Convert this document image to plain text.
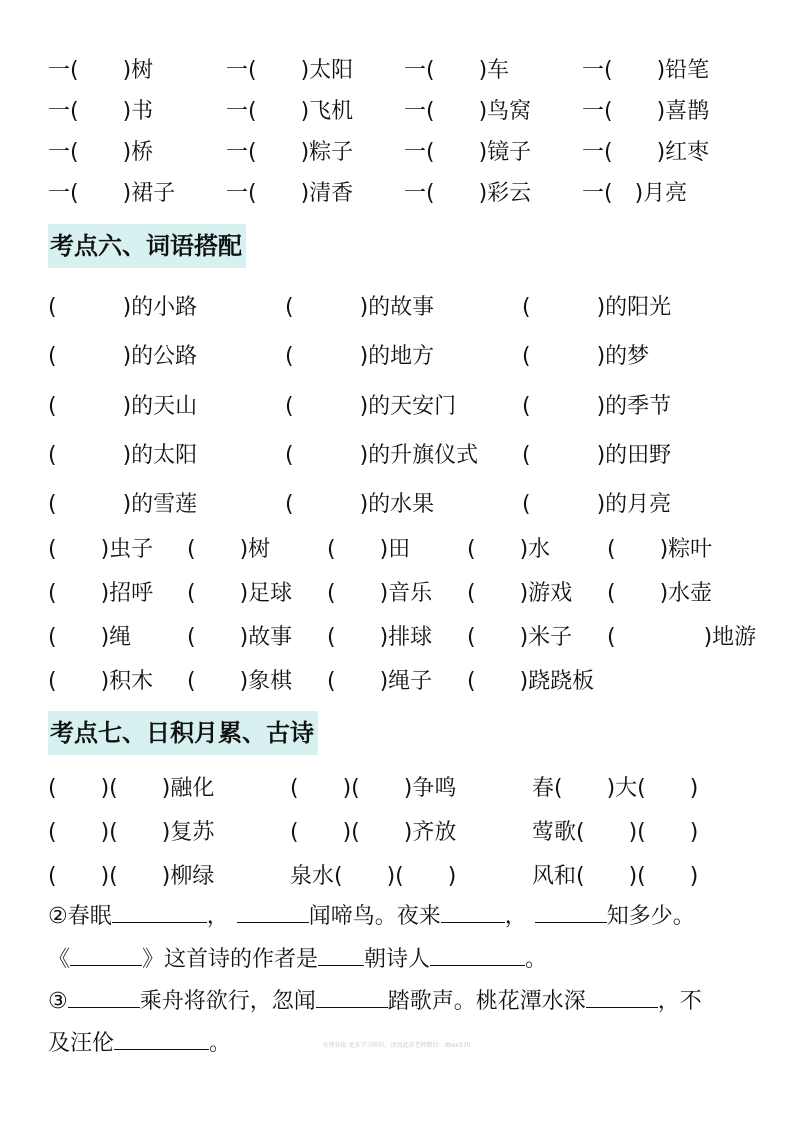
一(　　)树	一(　　)太阳 一(　　)车	一(　　)铅笔
一(　　)书	一(　　)飞机 一(　　)鸟窝 一(　　)喜鹊
一(　　)桥	一(　　)粽子 一(　　)镜子 一(　　)红枣
一(　　)裙子 一(　　)清香 一(　　)彩云 一(　)月亮
考点六、词语搭配
(　　　)的小路	(　　　)的故事	(　　　)的阳光
(　　　)的公路	(　　　)的地方	(　　　)的梦
(　　　)的天山	(　　　)的天安门	(　　　)的季节
(　　　)的太阳	(　　　)的升旗仪式 (　　　)的田野
(　　　)的雪莲	(　　　)的水果	(　　　)的月亮
(　　)虫子 (　　)树	(　　)田	(　　)水	(　　)粽叶
(　　)招呼 (　　)足球 (　　)音乐 (　　)游戏 (　　)水壶
(　　)绳	(　　)故事 (　　)排球 (　　)米子 (　　　　)地游
(　　)积木 (　　)象棋 (　　)绳子 (　　)跷跷板
考点七、日积月累、古诗
(　　)(　　)融化	(　　)(　　)争鸣	春(　　)大(　　)
(　　)(　　)复苏	(　　)(　　)齐放	莺歌(　　)(　　)
(　　)(　　)柳绿	泉水(　　)(　　)	风和(　　)(　　)
②春眠	，	闻啼鸟。夜来	，	知多少。
《	》这首诗的作者是 朝诗人	。
③	乘舟将欲行，忽闻	踏歌声。桃花潭水深	，不
及汪伦	。	免费获取 更多学习资料，请加此成老师微信：dbxx570
